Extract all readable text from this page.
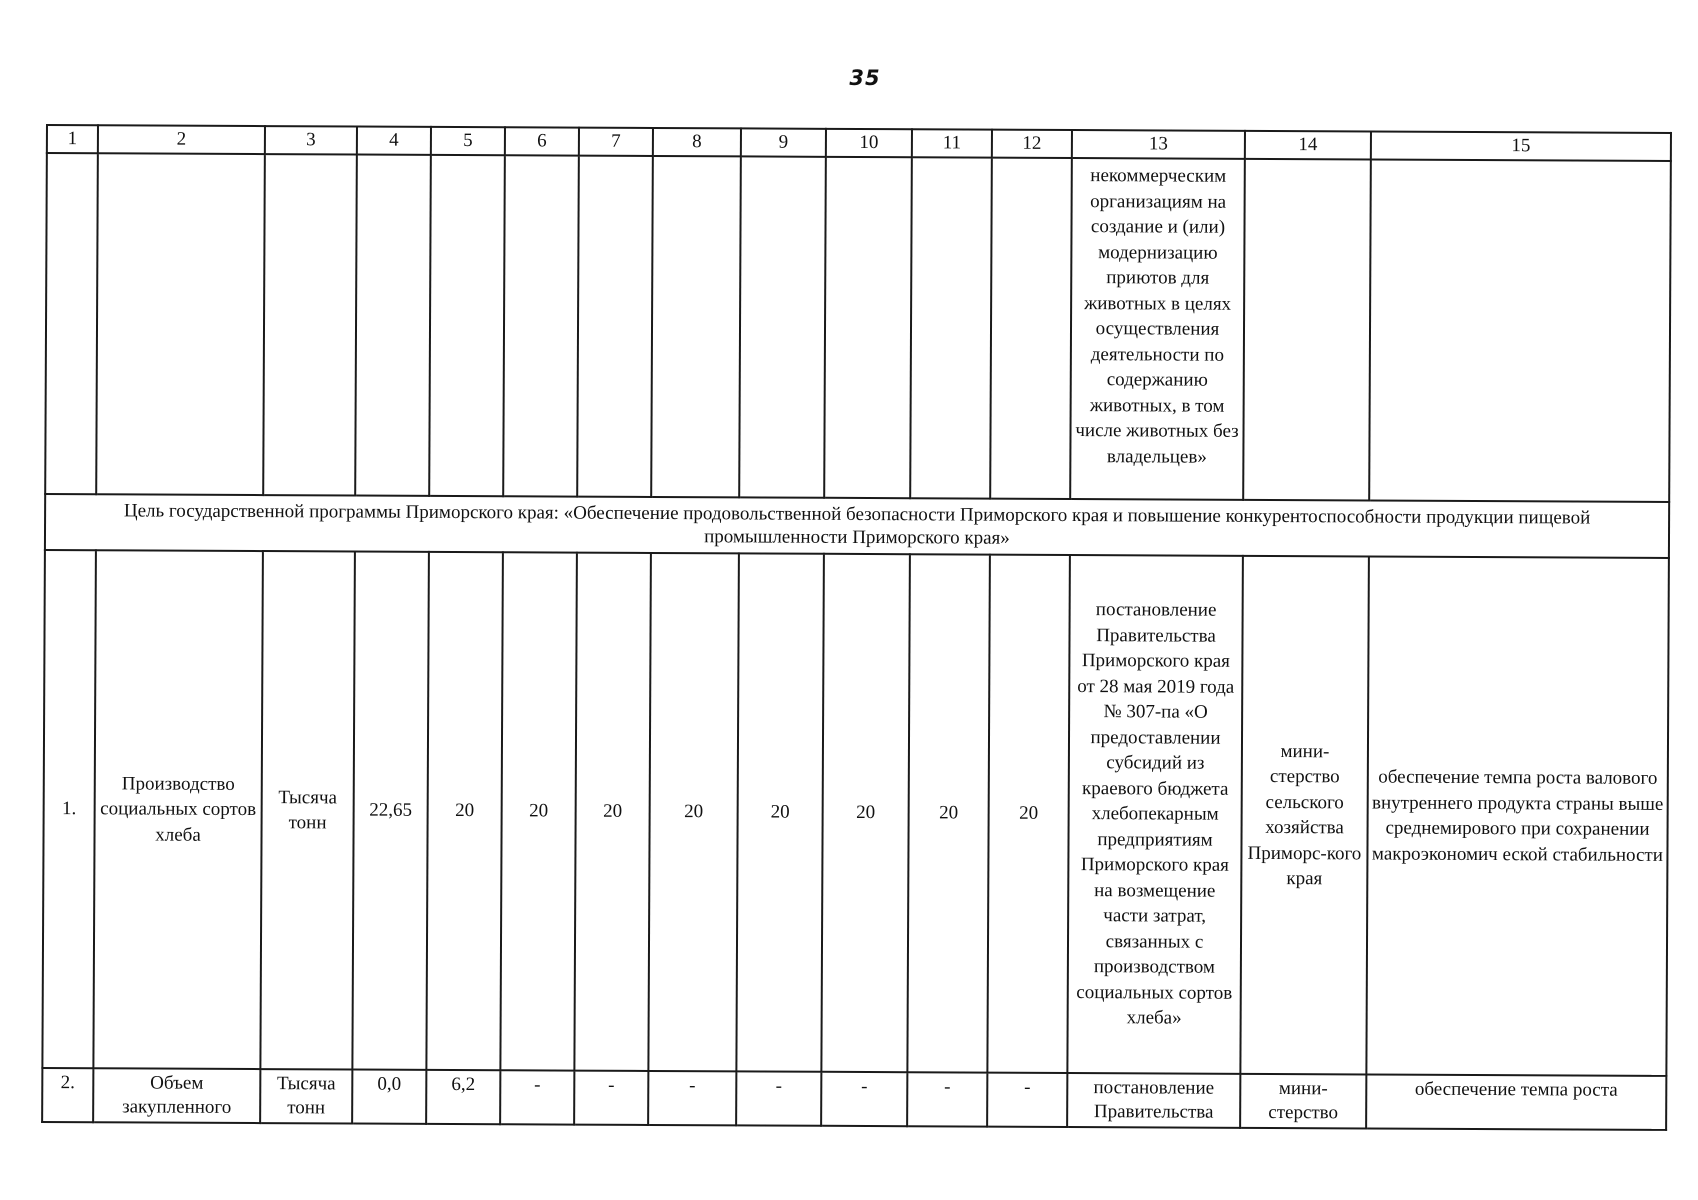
35
1	2	3	4	5	6	7	8	9	10	11	12	13	14	15
												некоммерческим организациям на создание и (или) модернизацию приютов для животных в целях осуществления деятельности по содержанию животных, в том числе животных без владельцев»		
Цель государственной программы Приморского края: «Обеспечение продовольственной безопасности Приморского края и повышение конкурентоспособности продукции пищевой промышленности Приморского края»														
1.	Производство социальных сортов хлеба	Тысяча тонн	22,65	20	20	20	20	20	20	20	20	постановление Правительства Приморского края от 28 мая 2019 года № 307-па «О предоставлении субсидий из краевого бюджета хлебопекарным предприятиям Приморского края на возмещение части затрат, связанных с производством социальных сортов хлеба»	мини-стерство сельского хозяйства Приморс-кого края	обеспечение темпа роста валового внутреннего продукта страны выше среднемирового при сохранении макроэкономич еской стабильности
2.	Объем закупленного	Тысяча тонн	0,0	6,2	-	-	-	-	-	-	-	постановление Правительства	мини-стерство	обеспечение темпа роста
